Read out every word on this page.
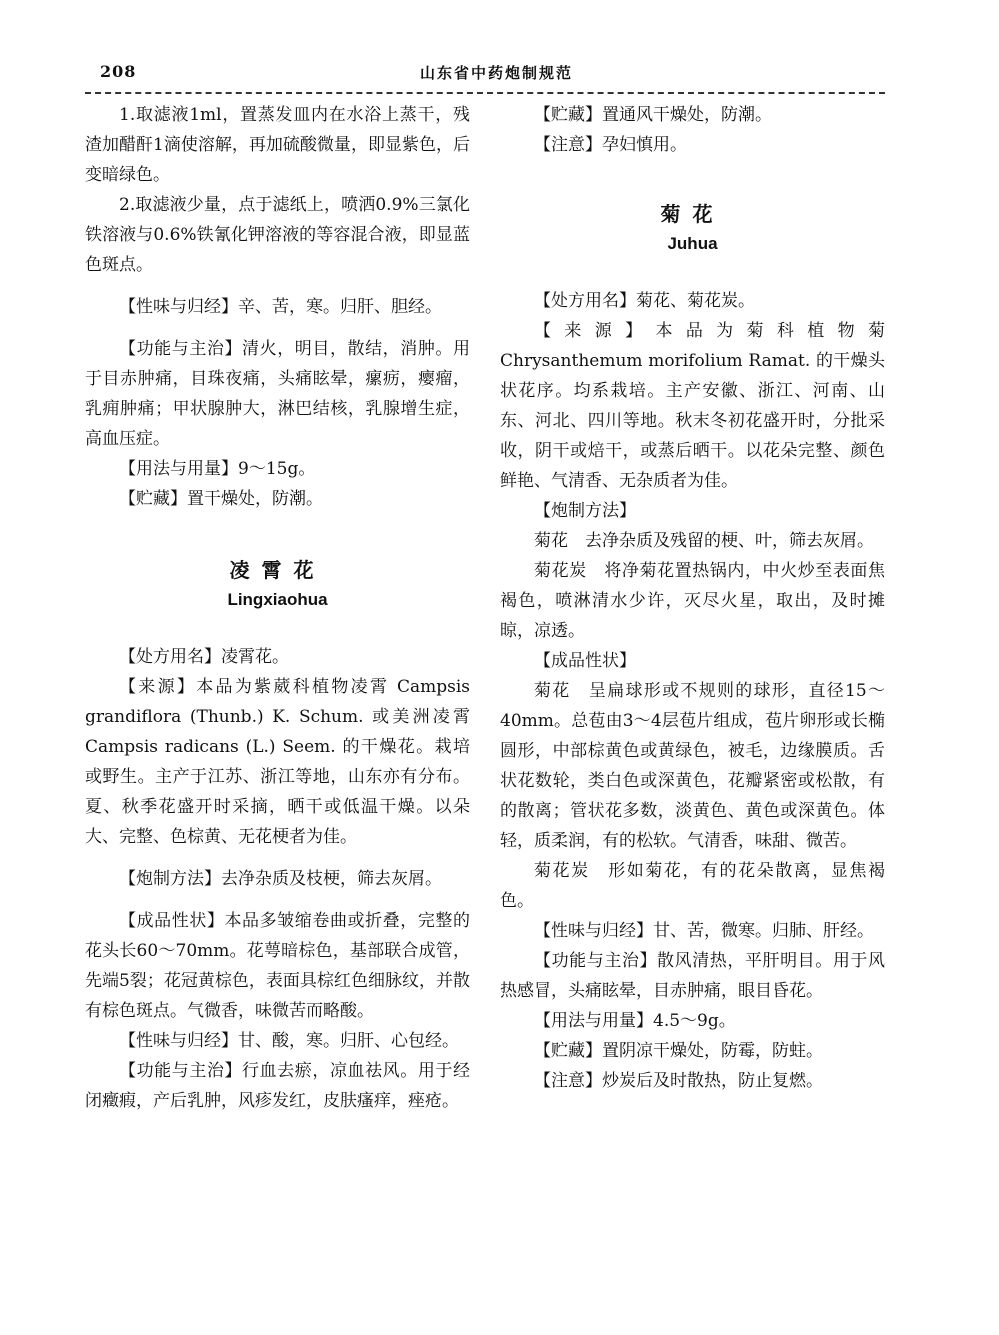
208	山东省中药炮制规范

1.取滤液1ml，置蒸发皿内在水浴上蒸干，残渣加醋酐1滴使溶解，再加硫酸微量，即显紫色，后变暗绿色。

2.取滤液少量，点于滤纸上，喷洒0.9%三氯化铁溶液与0.6%铁氰化钾溶液的等容混合液，即显蓝色斑点。

【性味与归经】辛、苦，寒。归肝、胆经。

【功能与主治】清火，明目，散结，消肿。用于目赤肿痛，目珠夜痛，头痛眩晕，瘰疬，瘿瘤，乳痈肿痛；甲状腺肿大，淋巴结核，乳腺增生症，高血压症。

【用法与用量】9～15g。

【贮藏】置干燥处，防潮。

凌霄花
Lingxiaohua

【处方用名】凌霄花。

【来源】本品为紫葳科植物凌霄 Campsis grandiflora (Thunb.) K. Schum. 或美洲凌霄 Campsis radicans (L.) Seem. 的干燥花。栽培或野生。主产于江苏、浙江等地，山东亦有分布。夏、秋季花盛开时采摘，晒干或低温干燥。以朵大、完整、色棕黄、无花梗者为佳。

【炮制方法】去净杂质及枝梗，筛去灰屑。

【成品性状】本品多皱缩卷曲或折叠，完整的花头长60～70mm。花萼暗棕色，基部联合成管，先端5裂；花冠黄棕色，表面具棕红色细脉纹，并散有棕色斑点。气微香，味微苦而略酸。

【性味与归经】甘、酸，寒。归肝、心包经。

【功能与主治】行血去瘀，凉血祛风。用于经闭癥瘕，产后乳肿，风疹发红，皮肤瘙痒，痤疮。

【贮藏】置通风干燥处，防潮。

【注意】孕妇慎用。

菊花
Juhua

【处方用名】菊花、菊花炭。

【来源】本品为菊科植物菊 Chrysanthemum morifolium Ramat. 的干燥头状花序。均系栽培。主产安徽、浙江、河南、山东、河北、四川等地。秋末冬初花盛开时，分批采收，阴干或焙干，或蒸后晒干。以花朵完整、颜色鲜艳、气清香、无杂质者为佳。

【炮制方法】

菊花　去净杂质及残留的梗、叶，筛去灰屑。

菊花炭　将净菊花置热锅内，中火炒至表面焦褐色，喷淋清水少许，灭尽火星，取出，及时摊晾，凉透。

【成品性状】

菊花　呈扁球形或不规则的球形，直径15～40mm。总苞由3～4层苞片组成，苞片卵形或长椭圆形，中部棕黄色或黄绿色，被毛，边缘膜质。舌状花数轮，类白色或深黄色，花瓣紧密或松散，有的散离；管状花多数，淡黄色、黄色或深黄色。体轻，质柔润，有的松软。气清香，味甜、微苦。

菊花炭　形如菊花，有的花朵散离，显焦褐色。

【性味与归经】甘、苦，微寒。归肺、肝经。

【功能与主治】散风清热，平肝明目。用于风热感冒，头痛眩晕，目赤肿痛，眼目昏花。

【用法与用量】4.5～9g。

【贮藏】置阴凉干燥处，防霉，防蛀。

【注意】炒炭后及时散热，防止复燃。
